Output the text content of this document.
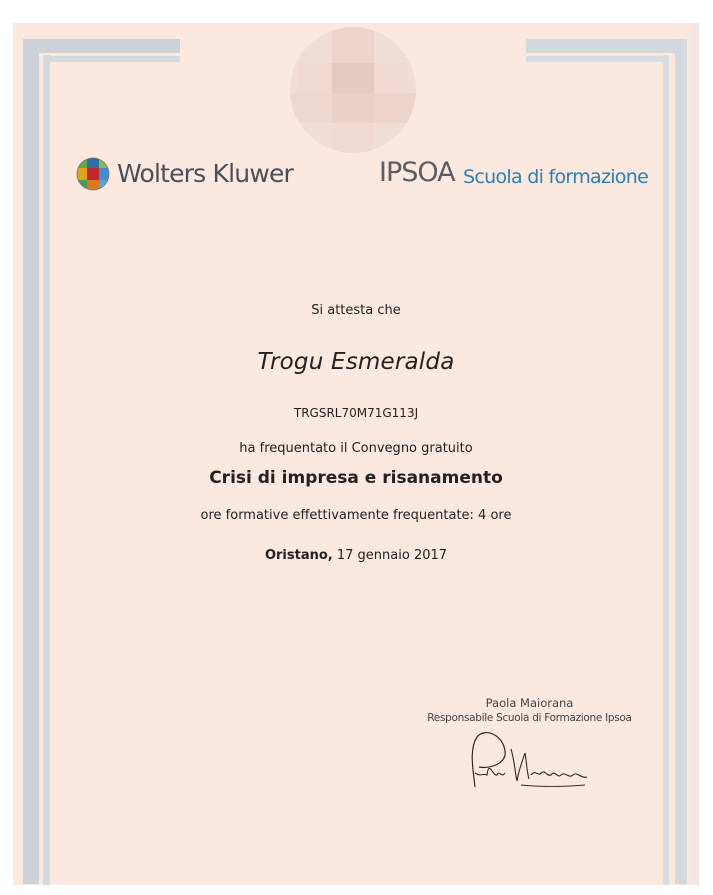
Wolters Kluwer	IPSOA Scuola di formazione
Si attesta che
Trogu Esmeralda
TRGSRL70M71G113J
ha frequentato il Convegno gratuito
Crisi di impresa e risanamento
ore formative effettivamente frequentate: 4 ore
Oristano, 17 gennaio 2017
Paola Maiorana
Responsabile Scuola di Formazione Ipsoa
